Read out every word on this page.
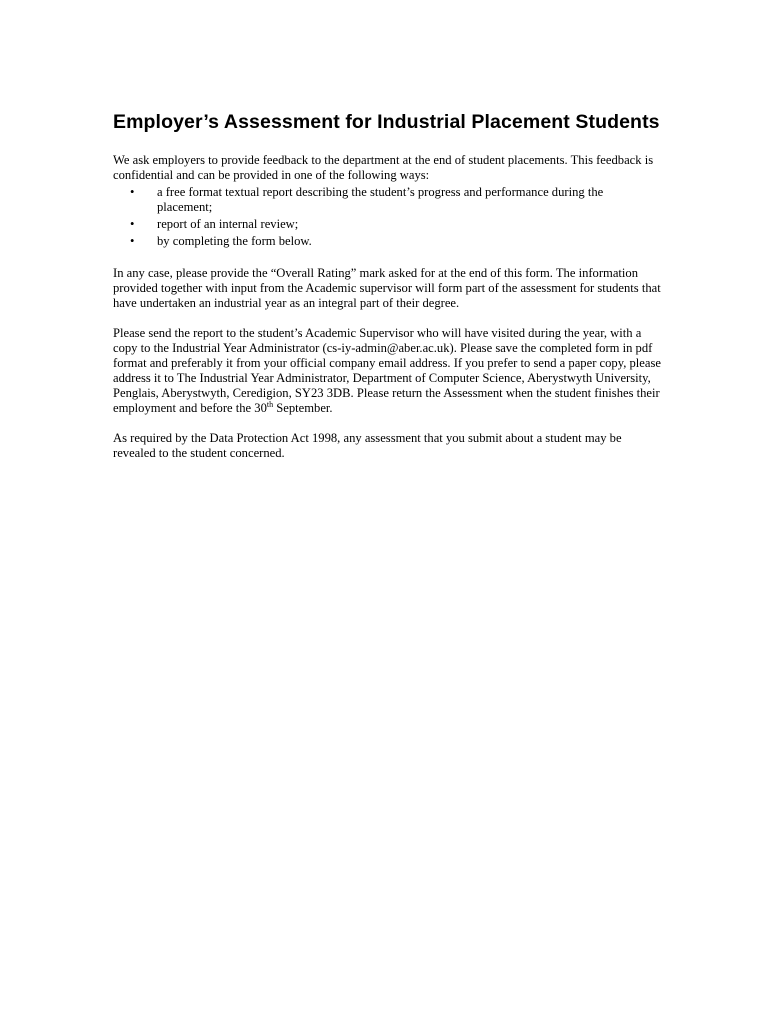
Employer’s Assessment for Industrial Placement Students

We ask employers to provide feedback to the department at the end of student placements. This feedback is confidential and can be provided in one of the following ways:

• a free format textual report describing the student’s progress and performance during the placement;
• report of an internal review;
• by completing the form below.

In any case, please provide the “Overall Rating” mark asked for at the end of this form. The information provided together with input from the Academic supervisor will form part of the assessment for students that have undertaken an industrial year as an integral part of their degree.

Please send the report to the student’s Academic Supervisor who will have visited during the year, with a copy to the Industrial Year Administrator (cs-iy-admin@aber.ac.uk). Please save the completed form in pdf format and preferably it from your official company email address. If you prefer to send a paper copy, please address it to The Industrial Year Administrator, Department of Computer Science, Aberystwyth University, Penglais, Aberystwyth, Ceredigion, SY23 3DB. Please return the Assessment when the student finishes their employment and before the 30th September.

As required by the Data Protection Act 1998, any assessment that you submit about a student may be revealed to the student concerned.
